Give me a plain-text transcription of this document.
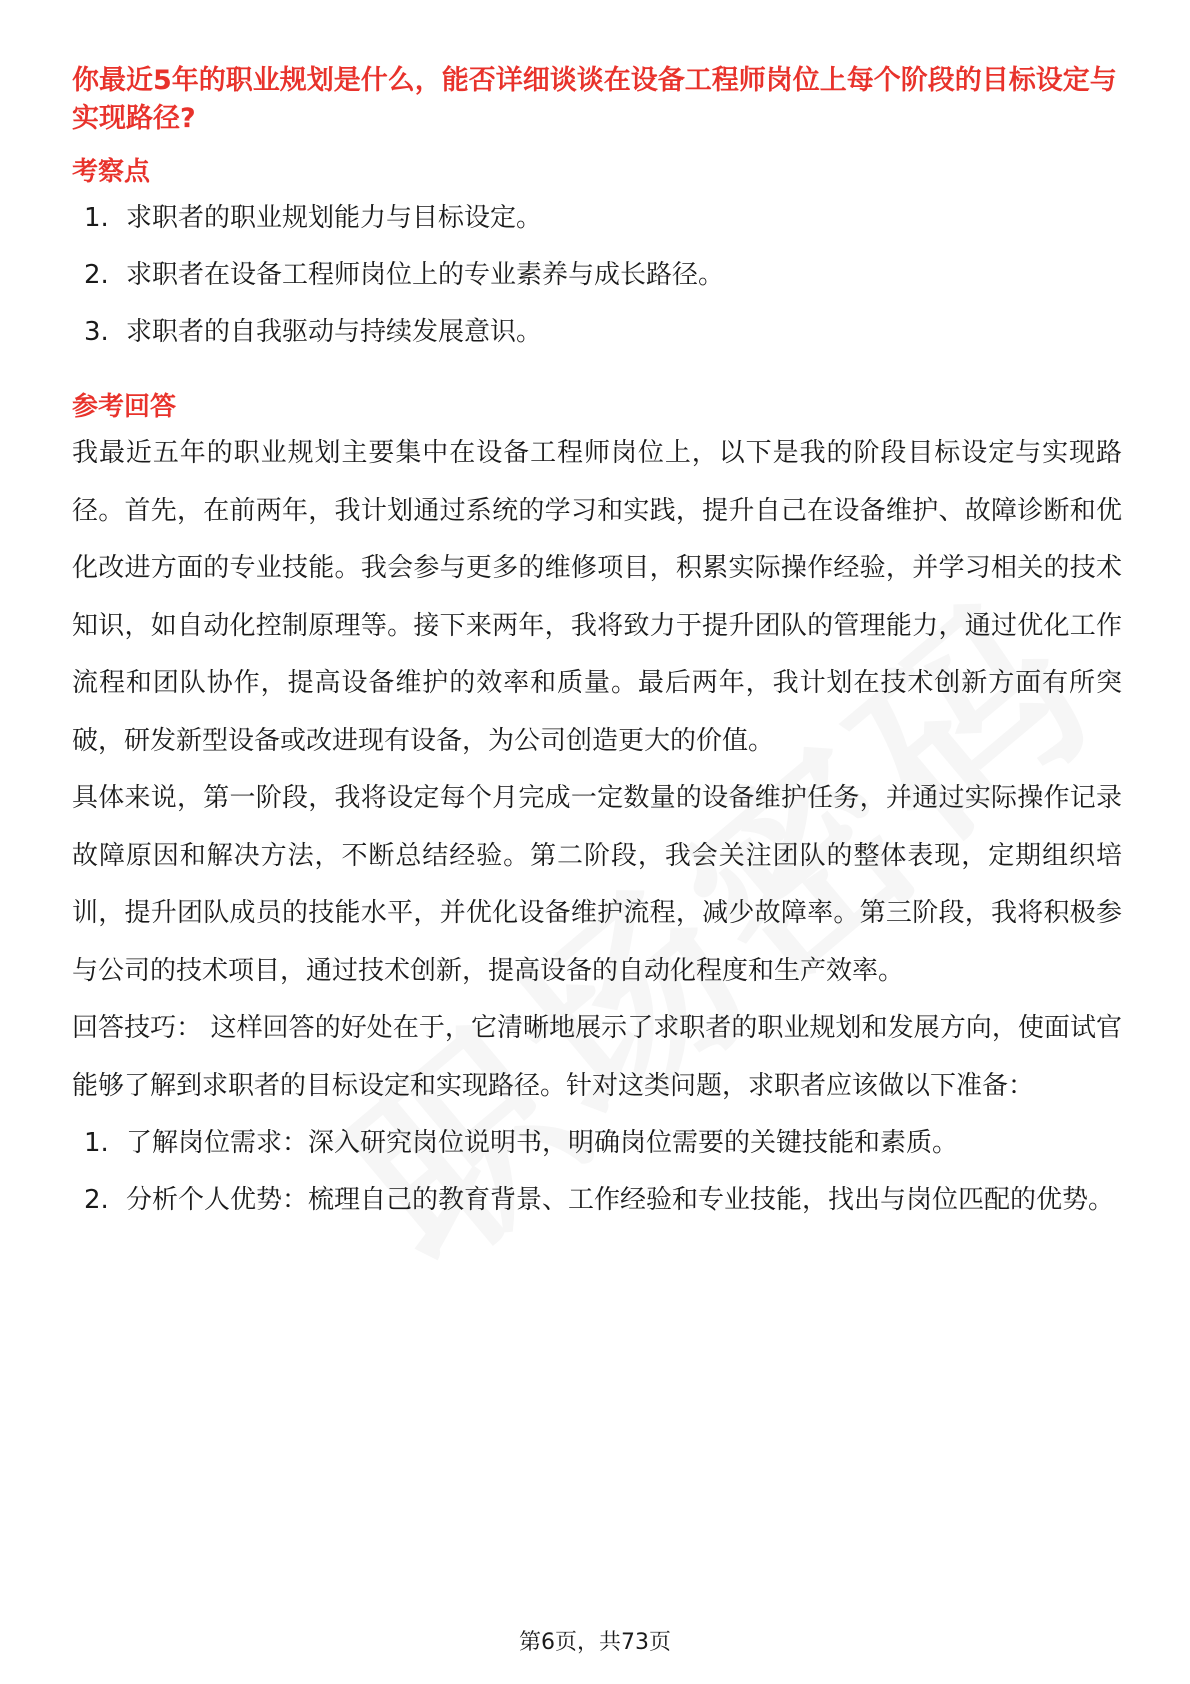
你最近5年的职业规划是什么，能否详细谈谈在设备工程师岗位上每个阶段的目标设定与实现路径?
考察点
1. 求职者的职业规划能力与目标设定。
2. 求职者在设备工程师岗位上的专业素养与成长路径。
3. 求职者的自我驱动与持续发展意识。
参考回答

我最近五年的职业规划主要集中在设备工程师岗位上，以下是我的阶段目标设定与实现路径。首先，在前两年，我计划通过系统的学习和实践，提升自己在设备维护、故障诊断和优化改进方面的专业技能。我会参与更多的维修项目，积累实际操作经验，并学习相关的技术知识，如自动化控制原理等。接下来两年，我将致力于提升团队的管理能力，通过优化工作流程和团队协作，提高设备维护的效率和质量。最后两年，我计划在技术创新方面有所突破，研发新型设备或改进现有设备，为公司创造更大的价值。

具体来说，第一阶段，我将设定每个月完成一定数量的设备维护任务，并通过实际操作记录故障原因和解决方法，不断总结经验。第二阶段，我会关注团队的整体表现，定期组织培训，提升团队成员的技能水平，并优化设备维护流程，减少故障率。第三阶段，我将积极参与公司的技术项目，通过技术创新，提高设备的自动化程度和生产效率。

回答技巧： 这样回答的好处在于，它清晰地展示了求职者的职业规划和发展方向，使面试官能够了解到求职者的目标设定和实现路径。针对这类问题，求职者应该做以下准备：

1. 了解岗位需求：深入研究岗位说明书，明确岗位需要的关键技能和素质。
2. 分析个人优势：梳理自己的教育背景、工作经验和专业技能，找出与岗位匹配的优势。
第6页，共73页
